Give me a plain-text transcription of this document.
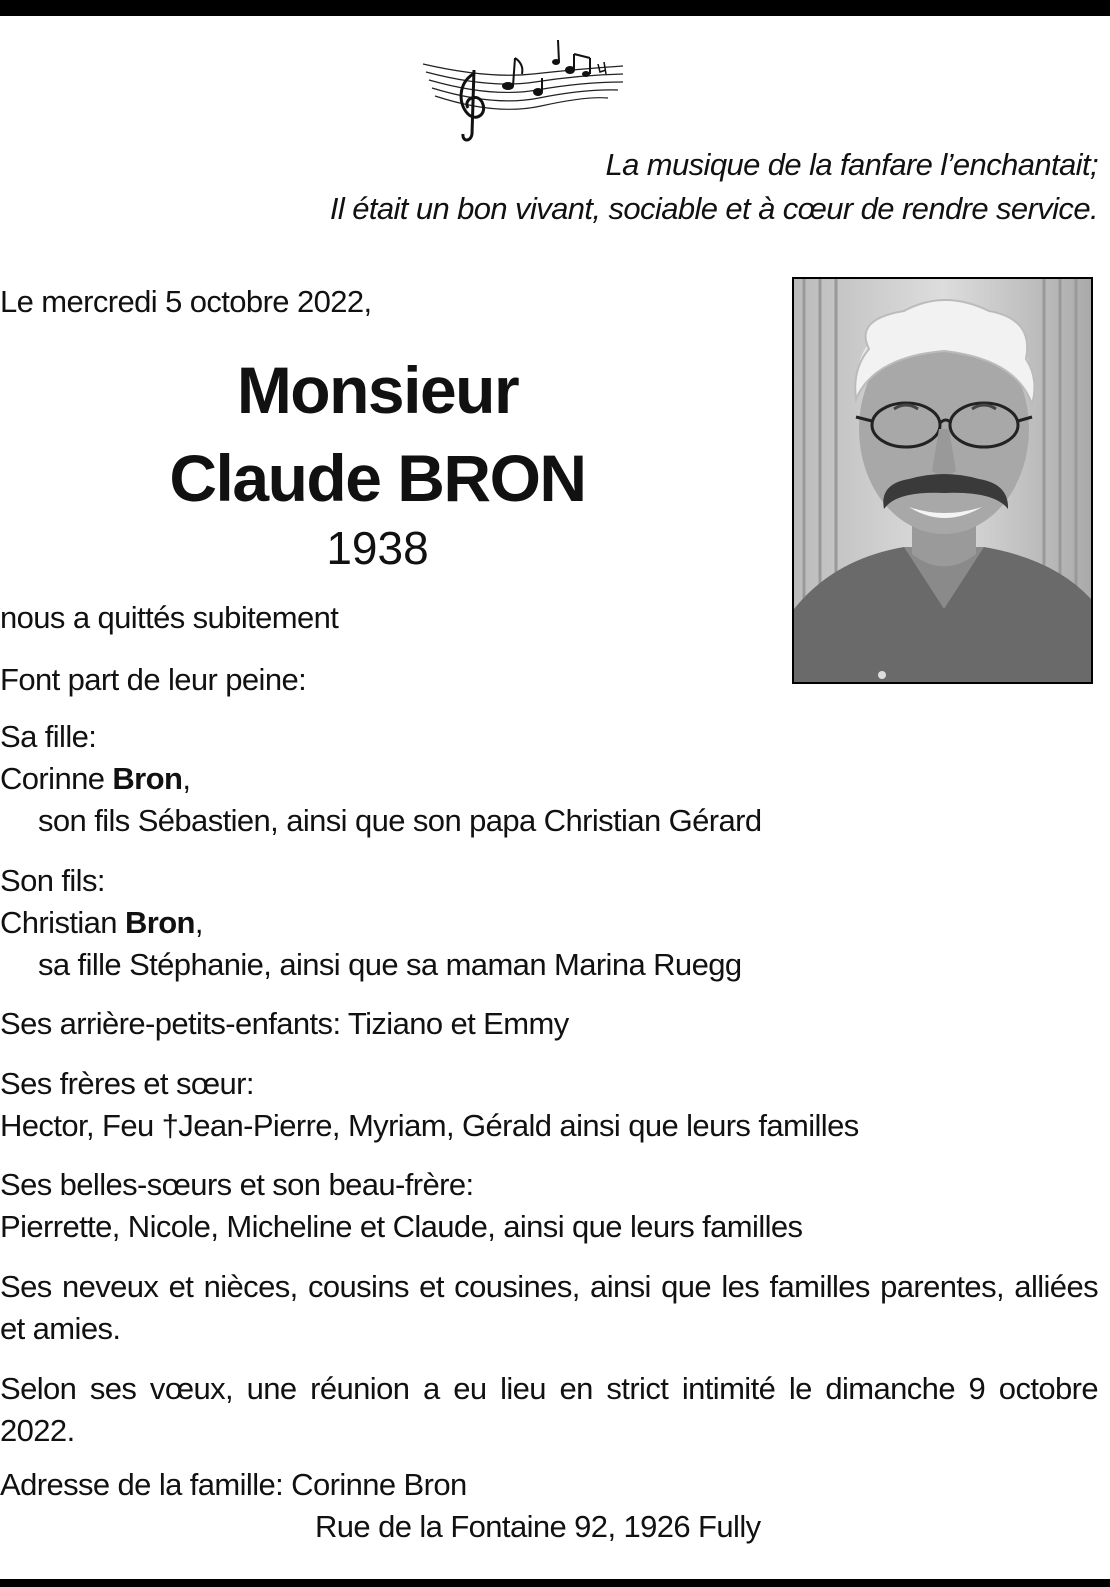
La musique de la fanfare l’enchantait;
Il était un bon vivant, sociable et à cœur de rendre service.
Le mercredi 5 octobre 2022,
Monsieur
Claude BRON
1938
nous a quittés subitement
Font part de leur peine:
Sa fille:
Corinne Bron,
son fils Sébastien, ainsi que son papa Christian Gérard
Son fils:
Christian Bron,
sa fille Stéphanie, ainsi que sa maman Marina Ruegg
Ses arrière-petits-enfants: Tiziano et Emmy
Ses frères et sœur:
Hector, Feu †Jean-Pierre, Myriam, Gérald ainsi que leurs familles
Ses belles-sœurs et son beau-frère:
Pierrette, Nicole, Micheline et Claude, ainsi que leurs familles
Ses neveux et nièces, cousins et cousines, ainsi que les familles parentes, alliées et amies.
Selon ses vœux, une réunion a eu lieu en strict intimité le dimanche 9 octobre 2022.
Adresse de la famille: Corinne Bron
Rue de la Fontaine 92, 1926 Fully
